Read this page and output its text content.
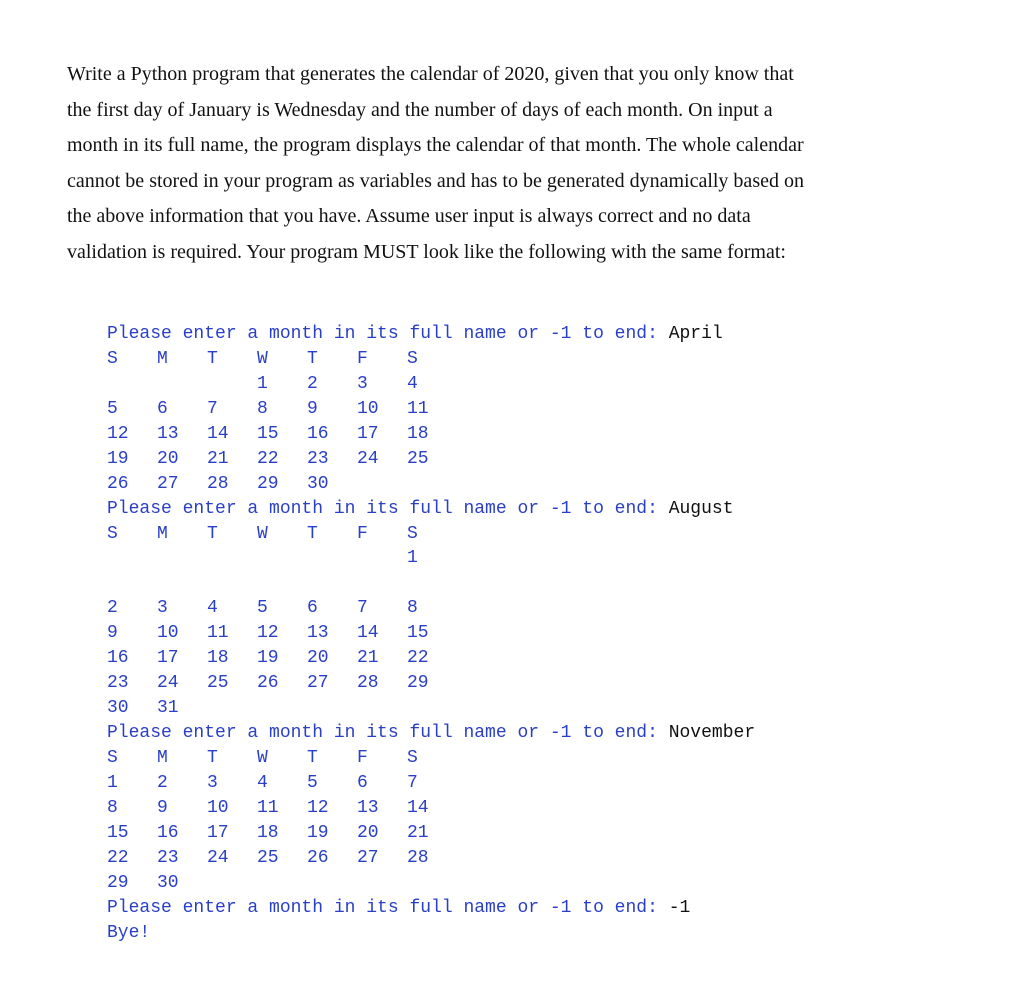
Write a Python program that generates the calendar of 2020, given that you only know that
the first day of January is Wednesday and the number of days of each month. On input a
month in its full name, the program displays the calendar of that month. The whole calendar
cannot be stored in your program as variables and has to be generated dynamically based on
the above information that you have. Assume user input is always correct and no data
validation is required. Your program MUST look like the following with the same format:
Please enter a month in its full name or -1 to end: April
S M T W T F S
1 2 3 4
5 6 7 8 9 10 11
12 13 14 15 16 17 18
19 20 21 22 23 24 25
26 27 28 29 30
Please enter a month in its full name or -1 to end: August
S M T W T F S
1
2 3 4 5 6 7 8
9 10 11 12 13 14 15
16 17 18 19 20 21 22
23 24 25 26 27 28 29
30 31
Please enter a month in its full name or -1 to end: November
S M T W T F S
1 2 3 4 5 6 7
8 9 10 11 12 13 14
15 16 17 18 19 20 21
22 23 24 25 26 27 28
29 30
Please enter a month in its full name or -1 to end: -1
Bye!
